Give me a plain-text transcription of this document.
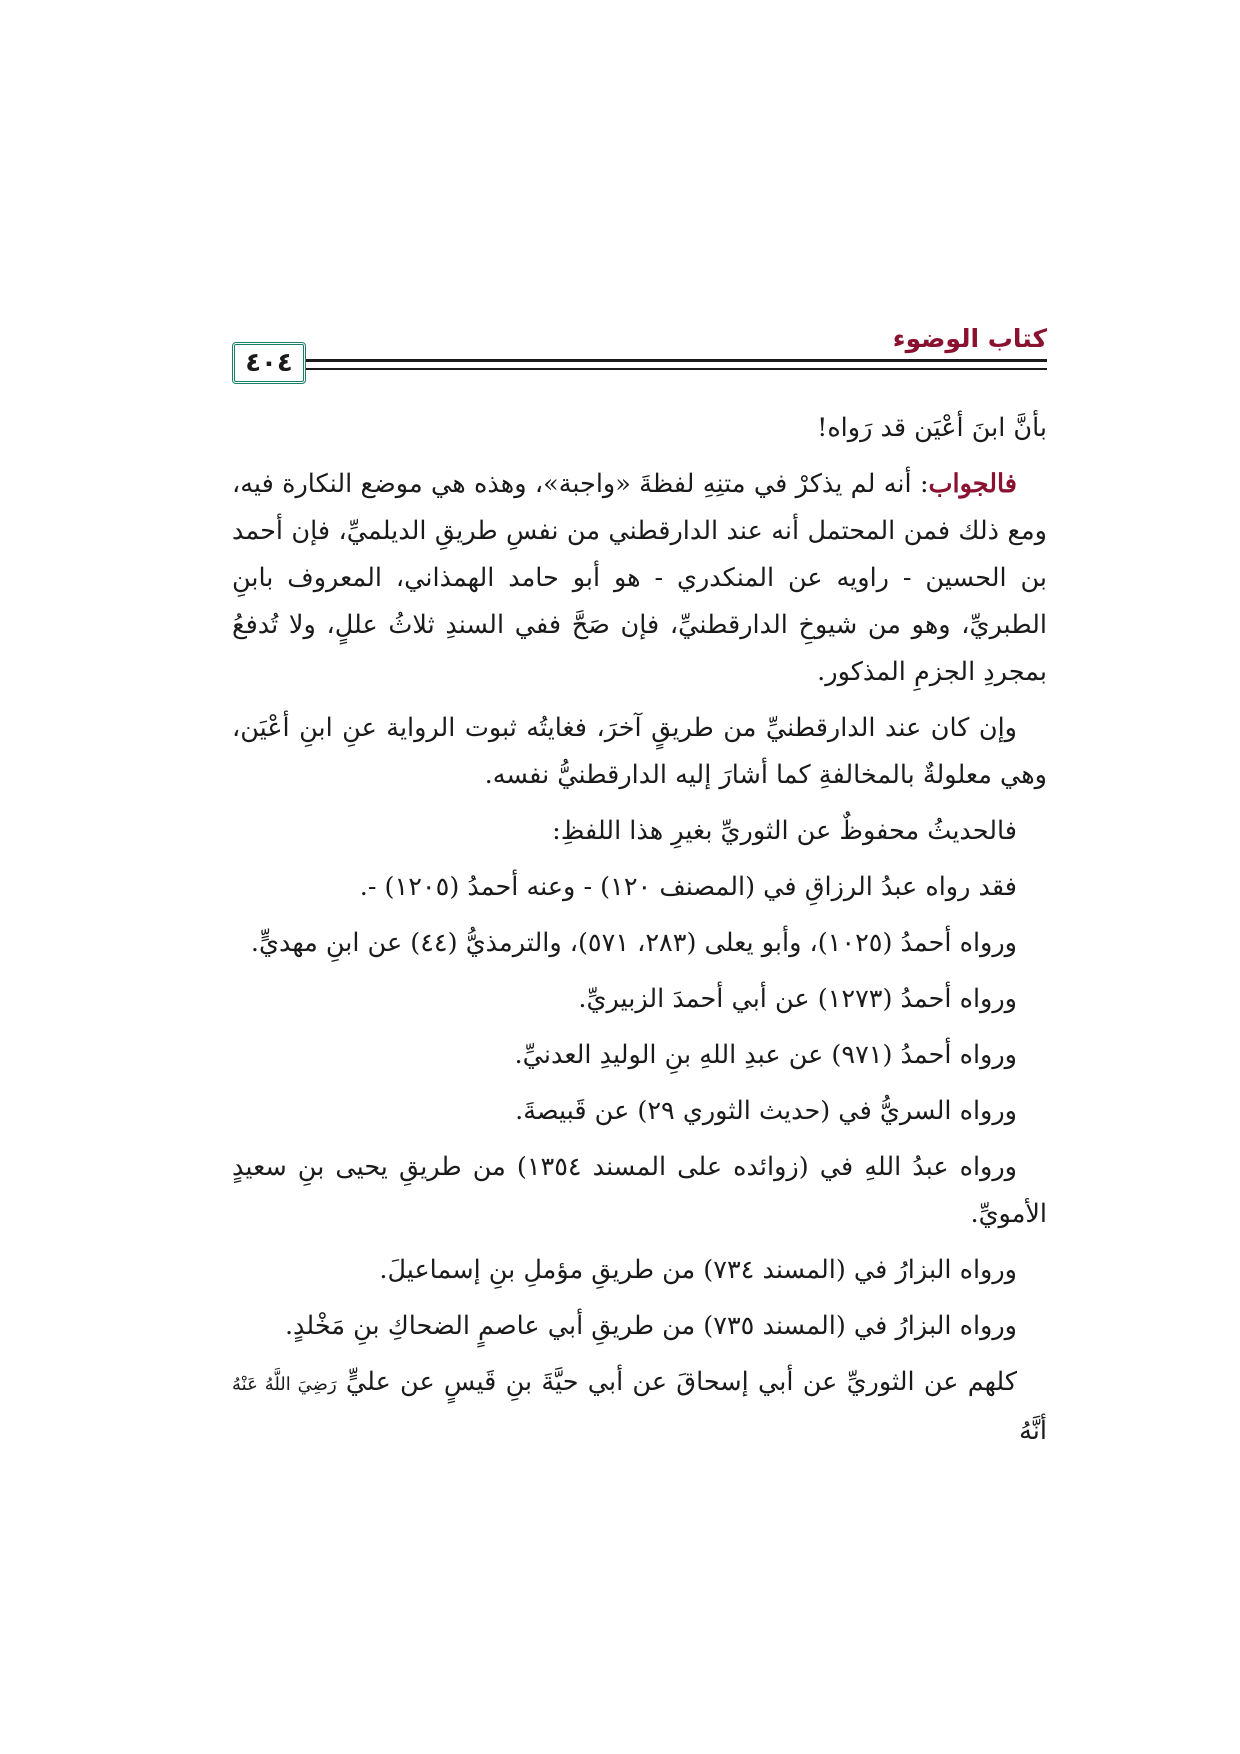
كتاب الوضوء
٤٠٤

بأنَّ ابنَ أعْيَن قد رَواه!

فالجواب: أنه لم يذكرْ في متنِهِ لفظةَ «واجبة»، وهذه هي موضع النكارة فيه، ومع ذلك فمن المحتمل أنه عند الدارقطني من نفسِ طريقِ الديلميِّ، فإن أحمد بن الحسين - راويه عن المنكدري - هو أبو حامد الهمذاني، المعروف بابنِ الطبريِّ، وهو من شيوخِ الدارقطنيِّ، فإن صَحَّ ففي السندِ ثلاثُ عللٍ، ولا تُدفعُ بمجردِ الجزمِ المذكور.

وإن كان عند الدارقطنيِّ من طريقٍ آخرَ، فغايتُه ثبوت الرواية عنِ ابنِ أعْيَن، وهي معلولةٌ بالمخالفةِ كما أشارَ إليه الدارقطنيُّ نفسه.

فالحديثُ محفوظٌ عن الثوريِّ بغيرِ هذا اللفظِ:

فقد رواه عبدُ الرزاقِ في (المصنف ١٢٠) - وعنه أحمدُ (١٢٠٥) -.

ورواه أحمدُ (١٠٢٥)، وأبو يعلى (٢٨٣، ٥٧١)، والترمذيُّ (٤٤) عن ابنِ مهديٍّ.

ورواه أحمدُ (١٢٧٣) عن أبي أحمدَ الزبيريِّ.

ورواه أحمدُ (٩٧١) عن عبدِ اللهِ بنِ الوليدِ العدنيِّ.

ورواه السريُّ في (حديث الثوري ٢٩) عن قَبيصةَ.

ورواه عبدُ اللهِ في (زوائده على المسند ١٣٥٤) من طريقِ يحيى بنِ سعيدٍ الأمويِّ.

ورواه البزارُ في (المسند ٧٣٤) من طريقِ مؤملِ بنِ إسماعيلَ.

ورواه البزارُ في (المسند ٧٣٥) من طريقِ أبي عاصمٍ الضحاكِ بنِ مَخْلدٍ.

كلهم عن الثوريِّ عن أبي إسحاقَ عن أبي حيَّةَ بنِ قَيسٍ عن عليٍّ رَضِيَ اللَّهُ عَنْهُ أنَّهُ
